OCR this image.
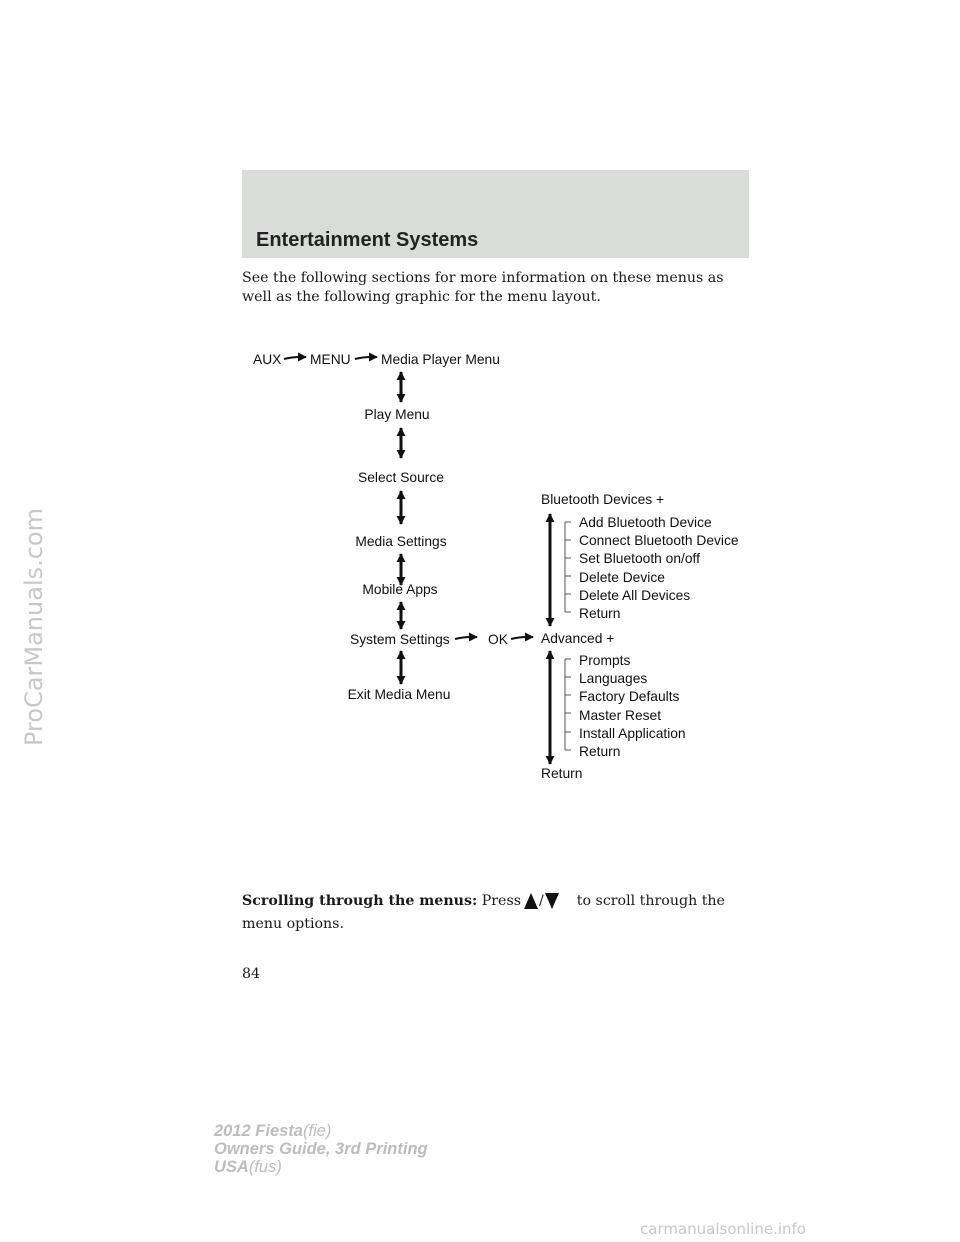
ProCarManuals.com
Entertainment Systems

See the following sections for more information on these menus as well as the following graphic for the menu layout.

AUX MENU Media Player Menu
Play Menu
Select Source
Media Settings
Mobile Apps
System Settings
Exit Media Menu
OK
Bluetooth Devices +
Advanced +
Return
Add Bluetooth Device
Connect Bluetooth Device
Set Bluetooth on/off
Delete Device
Delete All Devices
Return
Prompts
Languages
Factory Defaults
Master Reset
Install Application
Return

Scrolling through the menus: Press / to scroll through the
menu options.

84

2012 Fiesta(fie)
Owners Guide, 3rd Printing
USA(fus)
carmanualsonline.info
